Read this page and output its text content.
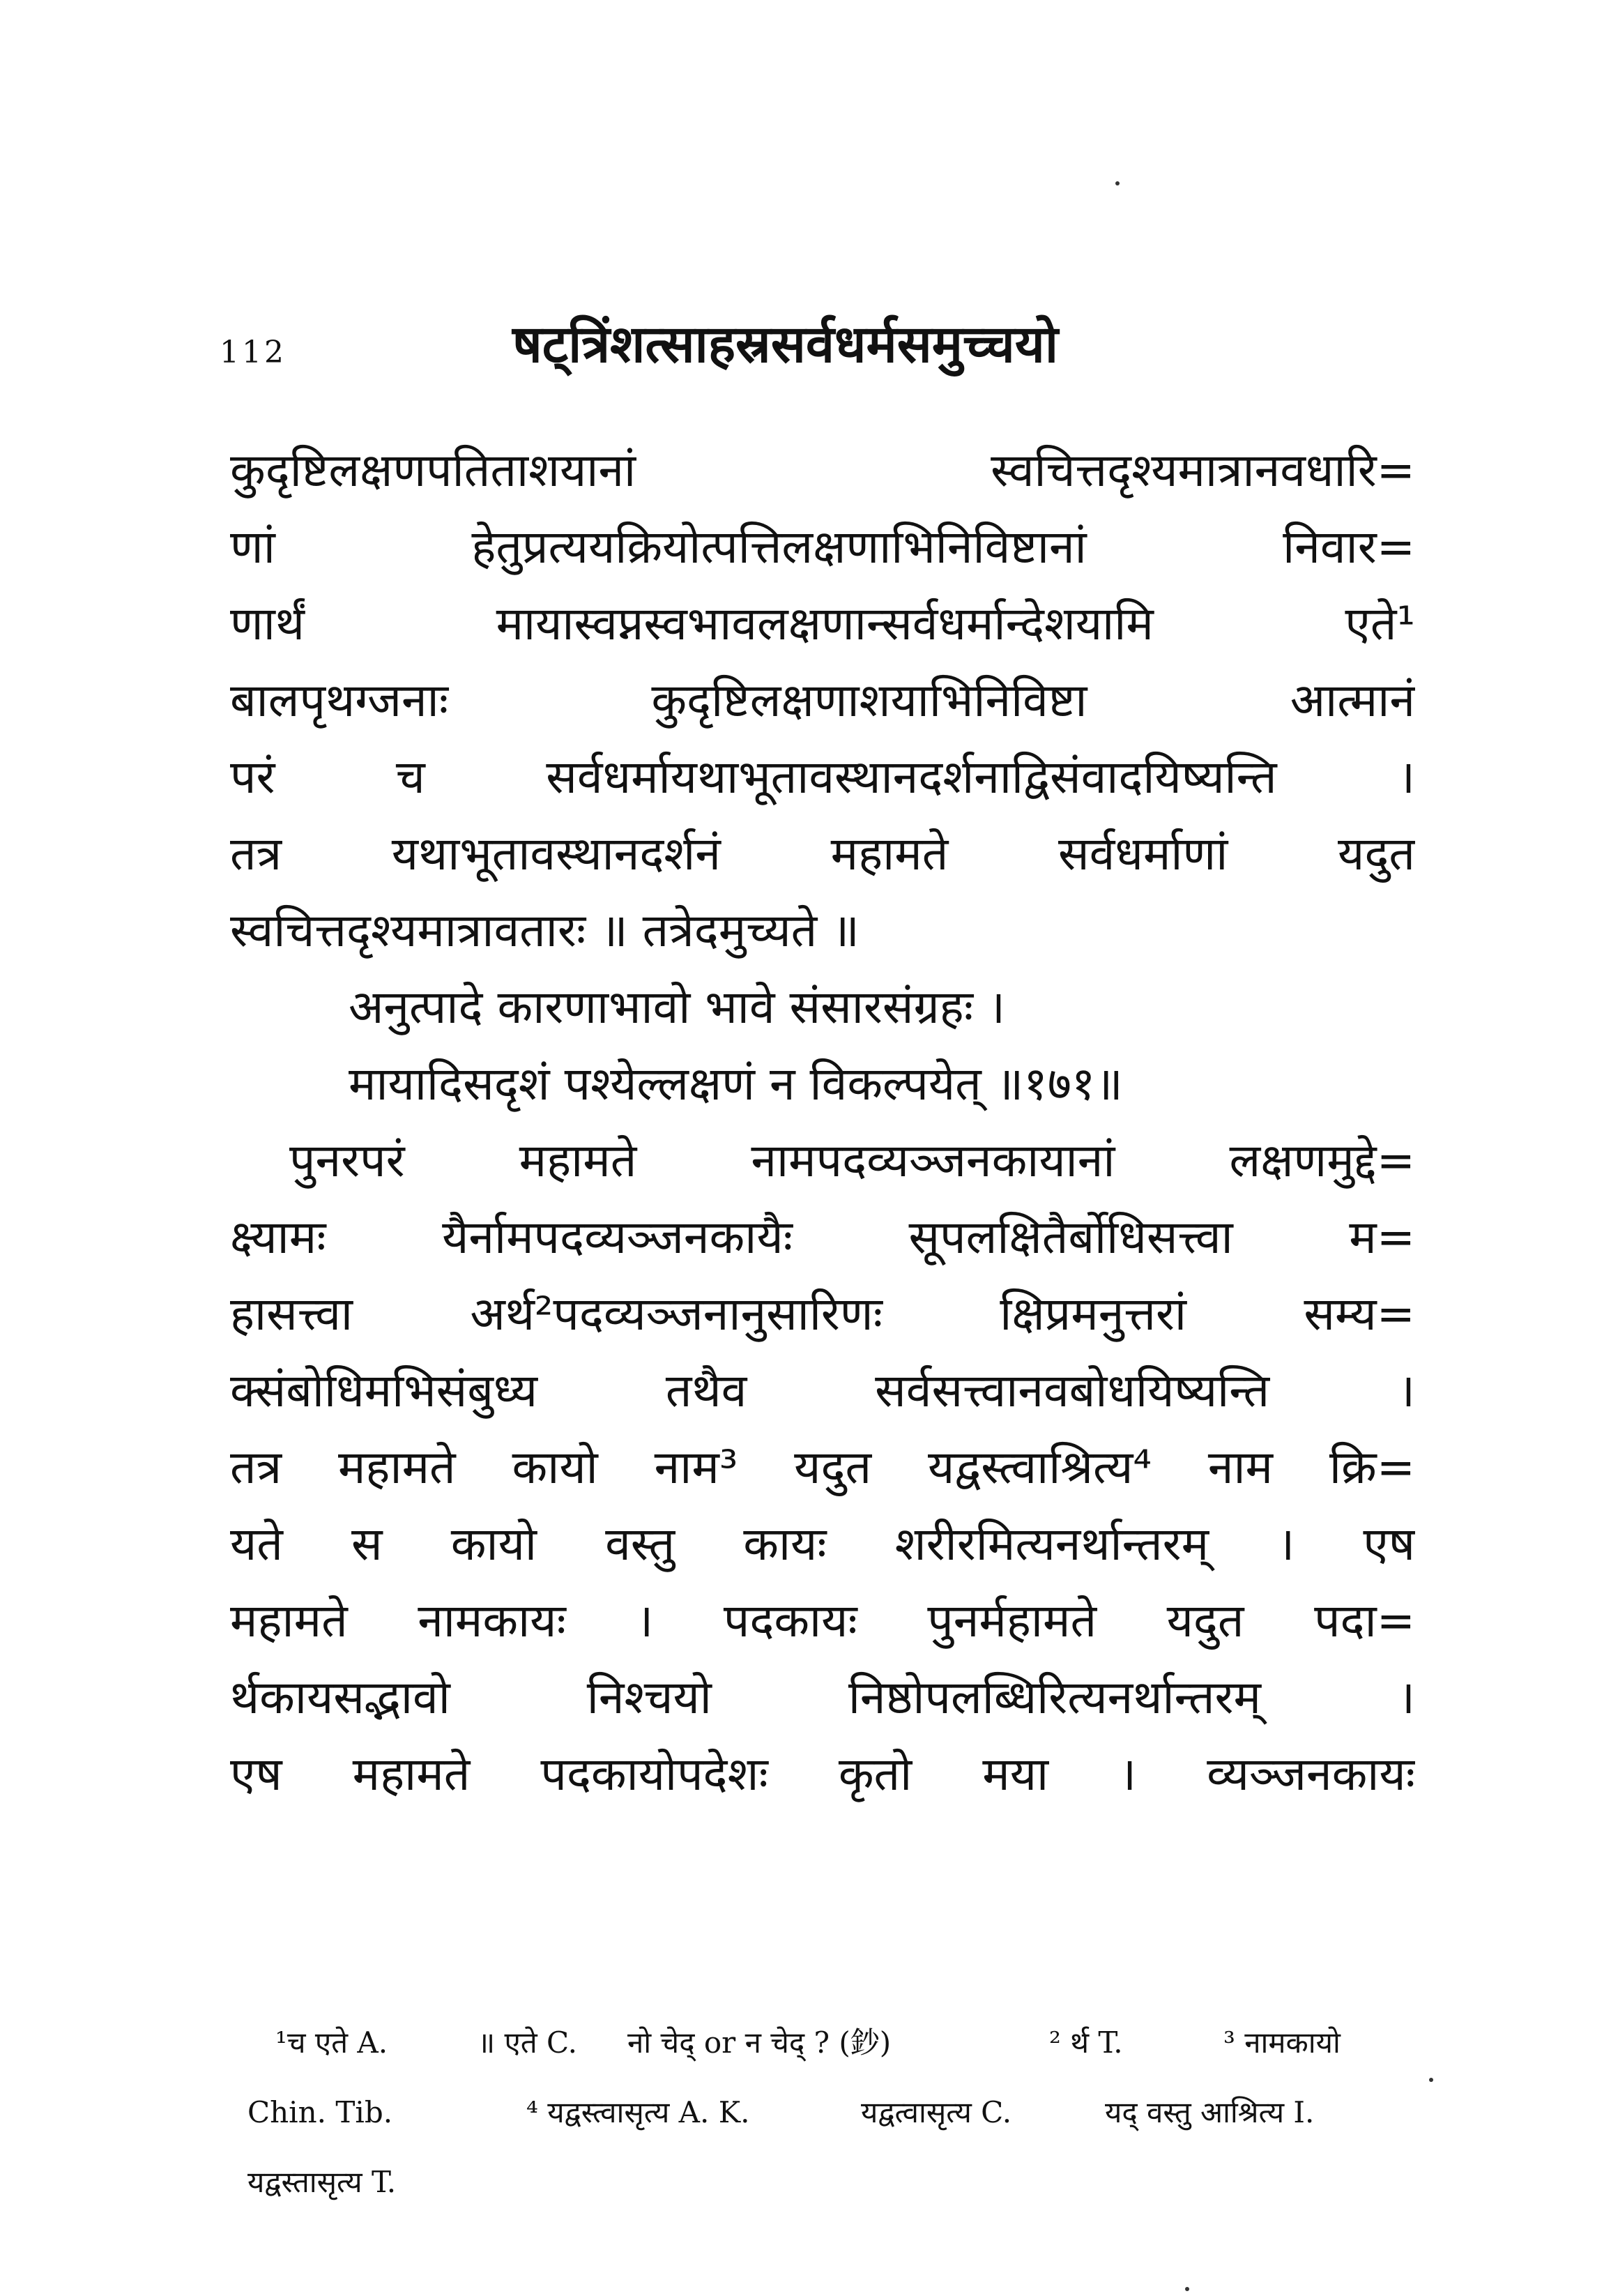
112	षट्त्रिंशत्साहस्रसर्वधर्मसमुच्चयो
कुदृष्टिलक्षणपतिताशयानां स्वचित्तदृश्यमात्रानवधारि=
णां हेतुप्रत्ययक्रियोत्पत्तिलक्षणाभिनिविष्टानां निवार=
णार्थं मायास्वप्नस्वभावलक्षणान्सर्वधर्मान्देशयामि एते¹
बालपृथग्जनाः कुदृष्टिलक्षणाशयाभिनिविष्टा आत्मानं
परं च सर्वधर्मायथाभूतावस्थानदर्शनाद्विसंवादयिष्यन्ति ।
तत्र यथाभूतावस्थानदर्शनं महामते सर्वधर्माणां यदुत
स्वचित्तदृश्यमात्रावतारः ॥ तत्रेदमुच्यते ॥
अनुत्पादे कारणाभावो भावे संसारसंग्रहः ।
मायादिसदृशं पश्येल्लक्षणं न विकल्पयेत् ॥१७१॥
पुनरपरं महामते नामपदव्यञ्जनकायानां लक्षणमुद्दे=
क्ष्यामः यैर्नामपदव्यञ्जनकायैः सूपलक्षितैर्बोधिसत्त्वा म=
हासत्त्वा अर्थ²पदव्यञ्जनानुसारिणः क्षिप्रमनुत्तरां सम्य=
क्संबोधिमभिसंबुध्य तथैव सर्वसत्त्वानवबोधयिष्यन्ति ।
तत्र महामते कायो नाम³ यदुत यद्वस्त्वाश्रित्य⁴ नाम क्रि=
यते स कायो वस्तु कायः शरीरमित्यनर्थान्तरम् । एष
महामते नामकायः । पदकायः पुनर्महामते यदुत पदा=
र्थकायसद्भावो निश्चयो निष्ठोपलब्धिरित्यनर्थान्तरम् ।
एष महामते पदकायोपदेशः कृतो मया । व्यञ्जनकायः
¹च एते A.	॥ एते C. नो चेद् or न चेद् ? (鈔)	² र्थ T.	³ नामकायो
Chin. Tib.	⁴ यद्वस्त्वासृत्य A. K.	यद्वत्वासृत्य C.	यद् वस्तु आश्रित्य I.
यद्वस्तासृत्य T.
